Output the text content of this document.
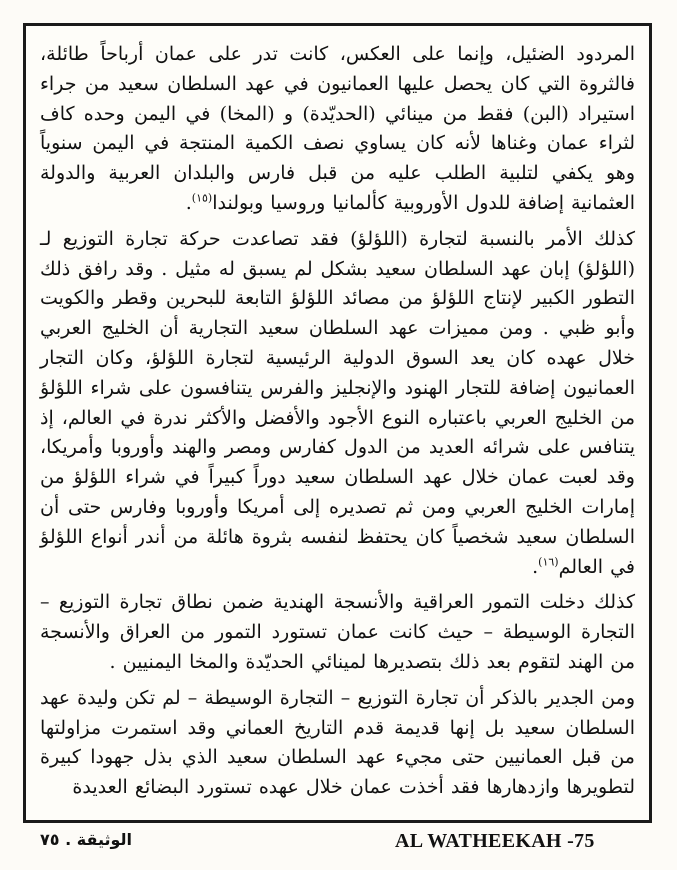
المردود الضئيل، وإنما على العكس، كانت تدر على عمان أرباحاً طائلة، فالثروة التي كان يحصل عليها العمانيون في عهد السلطان سعيد من جراء استيراد (البن) فقط من مينائي (الحديّدة) و (المخا) في اليمن وحده كاف لثراء عمان وغناها لأنه كان يساوي نصف الكمية المنتجة في اليمن سنوياً وهو يكفي لتلبية الطلب عليه من قبل فارس والبلدان العربية والدولة العثمانية إضافة للدول الأوروبية كألمانيا وروسيا وبولندا$^{(١٥)}$.

كذلك الأمر بالنسبة لتجارة (اللؤلؤ) فقد تصاعدت حركة تجارة التوزيع لـ (اللؤلؤ) إبان عهد السلطان سعيد بشكل لم يسبق له مثيل . وقد رافق ذلك التطور الكبير لإنتاج اللؤلؤ من مصائد اللؤلؤ التابعة للبحرين وقطر والكويت وأبو ظبي . ومن مميزات عهد السلطان سعيد التجارية أن الخليج العربي خلال عهده كان يعد السوق الدولية الرئيسية لتجارة اللؤلؤ، وكان التجار العمانيون إضافة للتجار الهنود والإنجليز والفرس يتنافسون على شراء اللؤلؤ من الخليج العربي باعتباره النوع الأجود والأفضل والأكثر ندرة في العالم، إذ يتنافس على شرائه العديد من الدول كفارس ومصر والهند وأوروبا وأمريكا، وقد لعبت عمان خلال عهد السلطان سعيد دوراً كبيراً في شراء اللؤلؤ من إمارات الخليج العربي ومن ثم تصديره إلى أمريكا وأوروبا وفارس حتى أن السلطان سعيد شخصياً كان يحتفظ لنفسه بثروة هائلة من أندر أنواع اللؤلؤ في العالم$^{(١٦)}$.

كذلك دخلت التمور العراقية والأنسجة الهندية ضمن نطاق تجارة التوزيع – التجارة الوسيطة – حيث كانت عمان تستورد التمور من العراق والأنسجة من الهند لتقوم بعد ذلك بتصديرها لمينائي الحديّدة والمخا اليمنيين .

ومن الجدير بالذكر أن تجارة التوزيع – التجارة الوسيطة – لم تكن وليدة عهد السلطان سعيد بل إنها قديمة قدم التاريخ العماني وقد استمرت مزاولتها من قبل العمانيين حتى مجيء عهد السلطان سعيد الذي بذل جهودا كبيرة لتطويرها وازدهارها فقد أخذت عمان خلال عهده تستورد البضائع العديدة

AL WATHEEKAH -75
الوثيقة . ٧٥
